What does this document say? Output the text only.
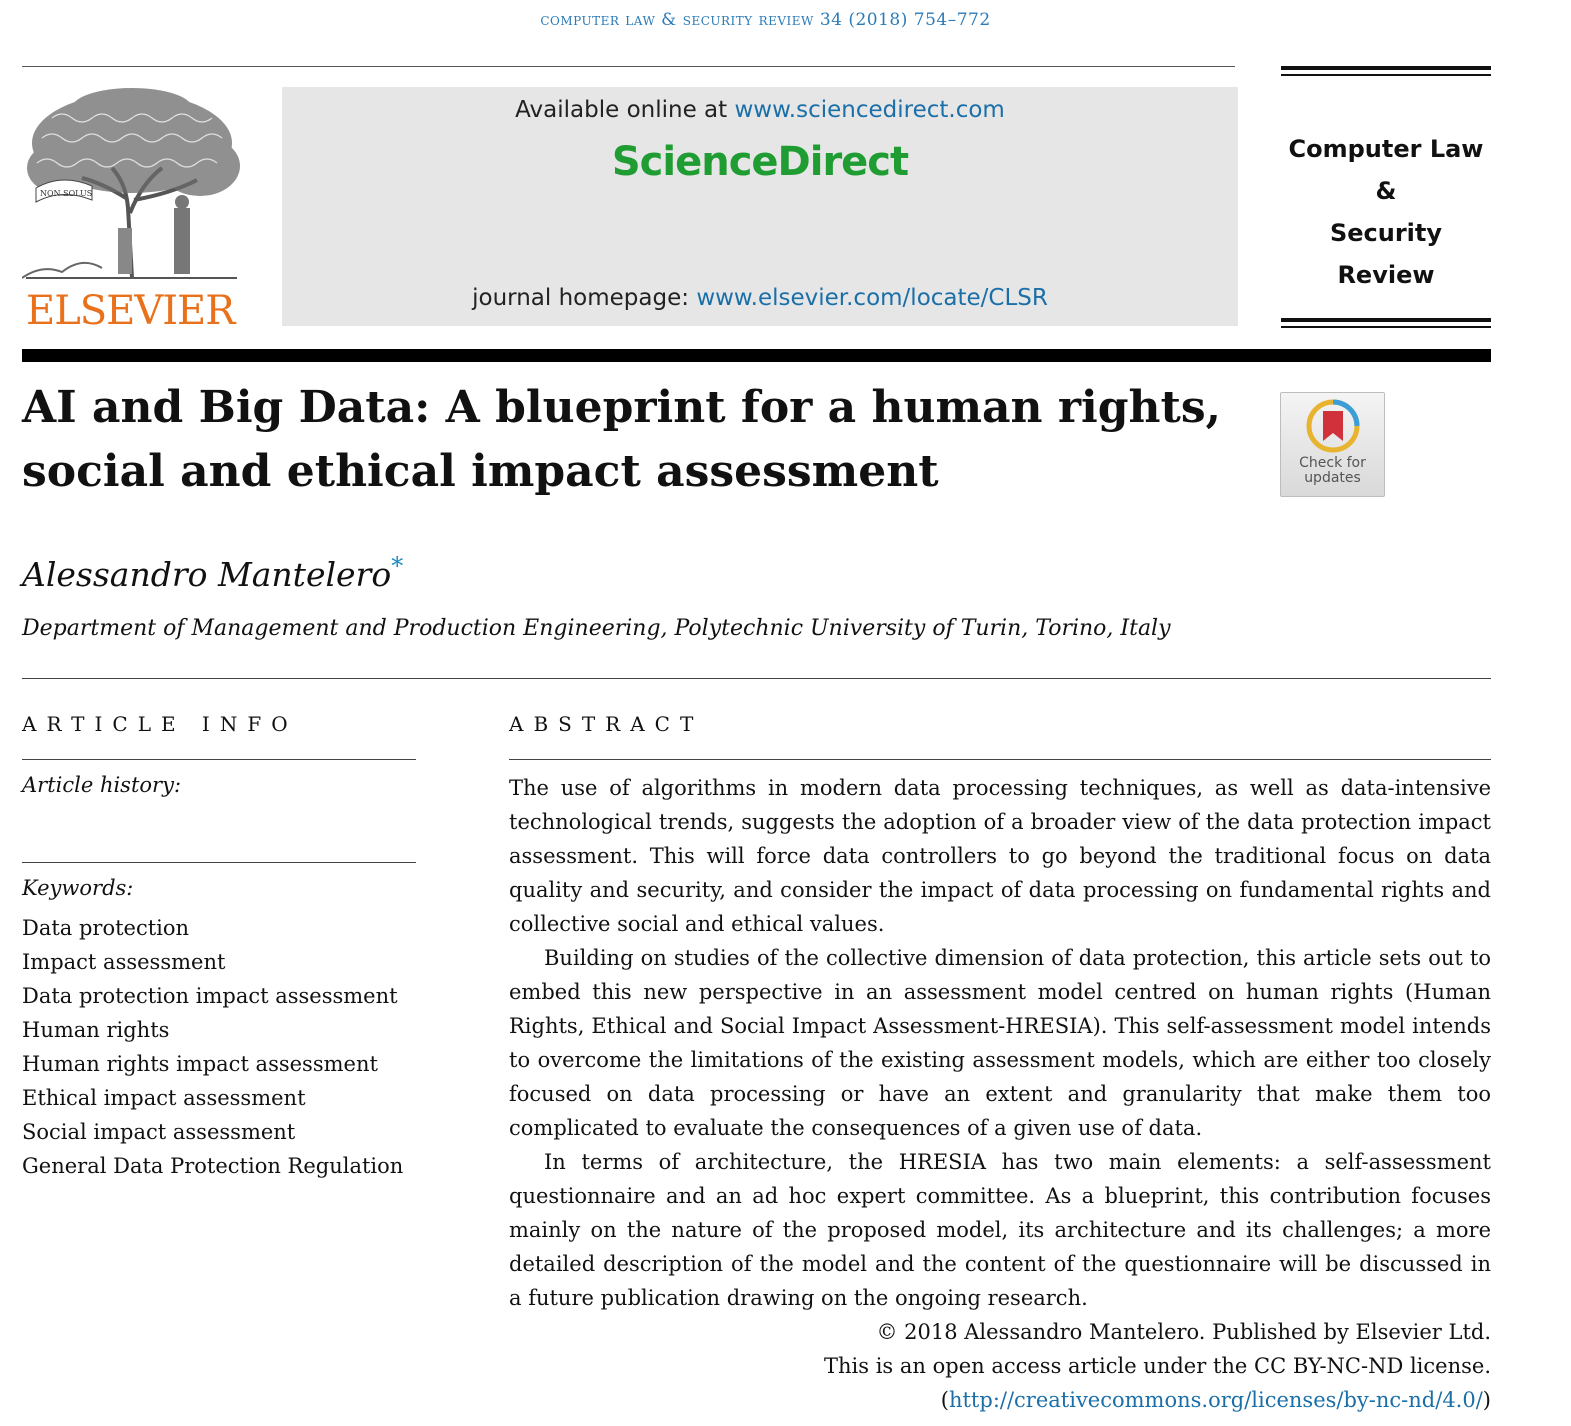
computer law & security review 34 (2018) 754–772
NON SOLUS
ELSEVIER
Available online at www.sciencedirect.com
ScienceDirect
journal homepage: www.elsevier.com/locate/CLSR
Computer Law
&
Security Review
AI and Big Data: A blueprint for a human rights,
social and ethical impact assessment	Check for
updates
Alessandro Mantelero*
Department of Management and Production Engineering, Polytechnic University of Turin, Torino, Italy
ARTICLE INFO
Article history:
Keywords:
Data protection
Impact assessment
Data protection impact assessment
Human rights
Human rights impact assessment
Ethical impact assessment
Social impact assessment
General Data Protection Regulation
ABSTRACT

The use of algorithms in modern data processing techniques, as well as data-intensive technological trends, suggests the adoption of a broader view of the data protection impact assessment. This will force data controllers to go beyond the traditional focus on data quality and security, and consider the impact of data processing on fundamental rights and collective social and ethical values.

Building on studies of the collective dimension of data protection, this article sets out to embed this new perspective in an assessment model centred on human rights (Human Rights, Ethical and Social Impact Assessment-HRESIA). This self-assessment model intends to overcome the limitations of the existing assessment models, which are either too closely focused on data processing or have an extent and granularity that make them too complicated to evaluate the consequences of a given use of data.

In terms of architecture, the HRESIA has two main elements: a self-assessment questionnaire and an ad hoc expert committee. As a blueprint, this contribution focuses mainly on the nature of the proposed model, its architecture and its challenges; a more detailed description of the model and the content of the questionnaire will be discussed in a future publication drawing on the ongoing research.

© 2018 Alessandro Mantelero. Published by Elsevier Ltd.
This is an open access article under the CC BY-NC-ND license.
(http://creativecommons.org/licenses/by-nc-nd/4.0/)
